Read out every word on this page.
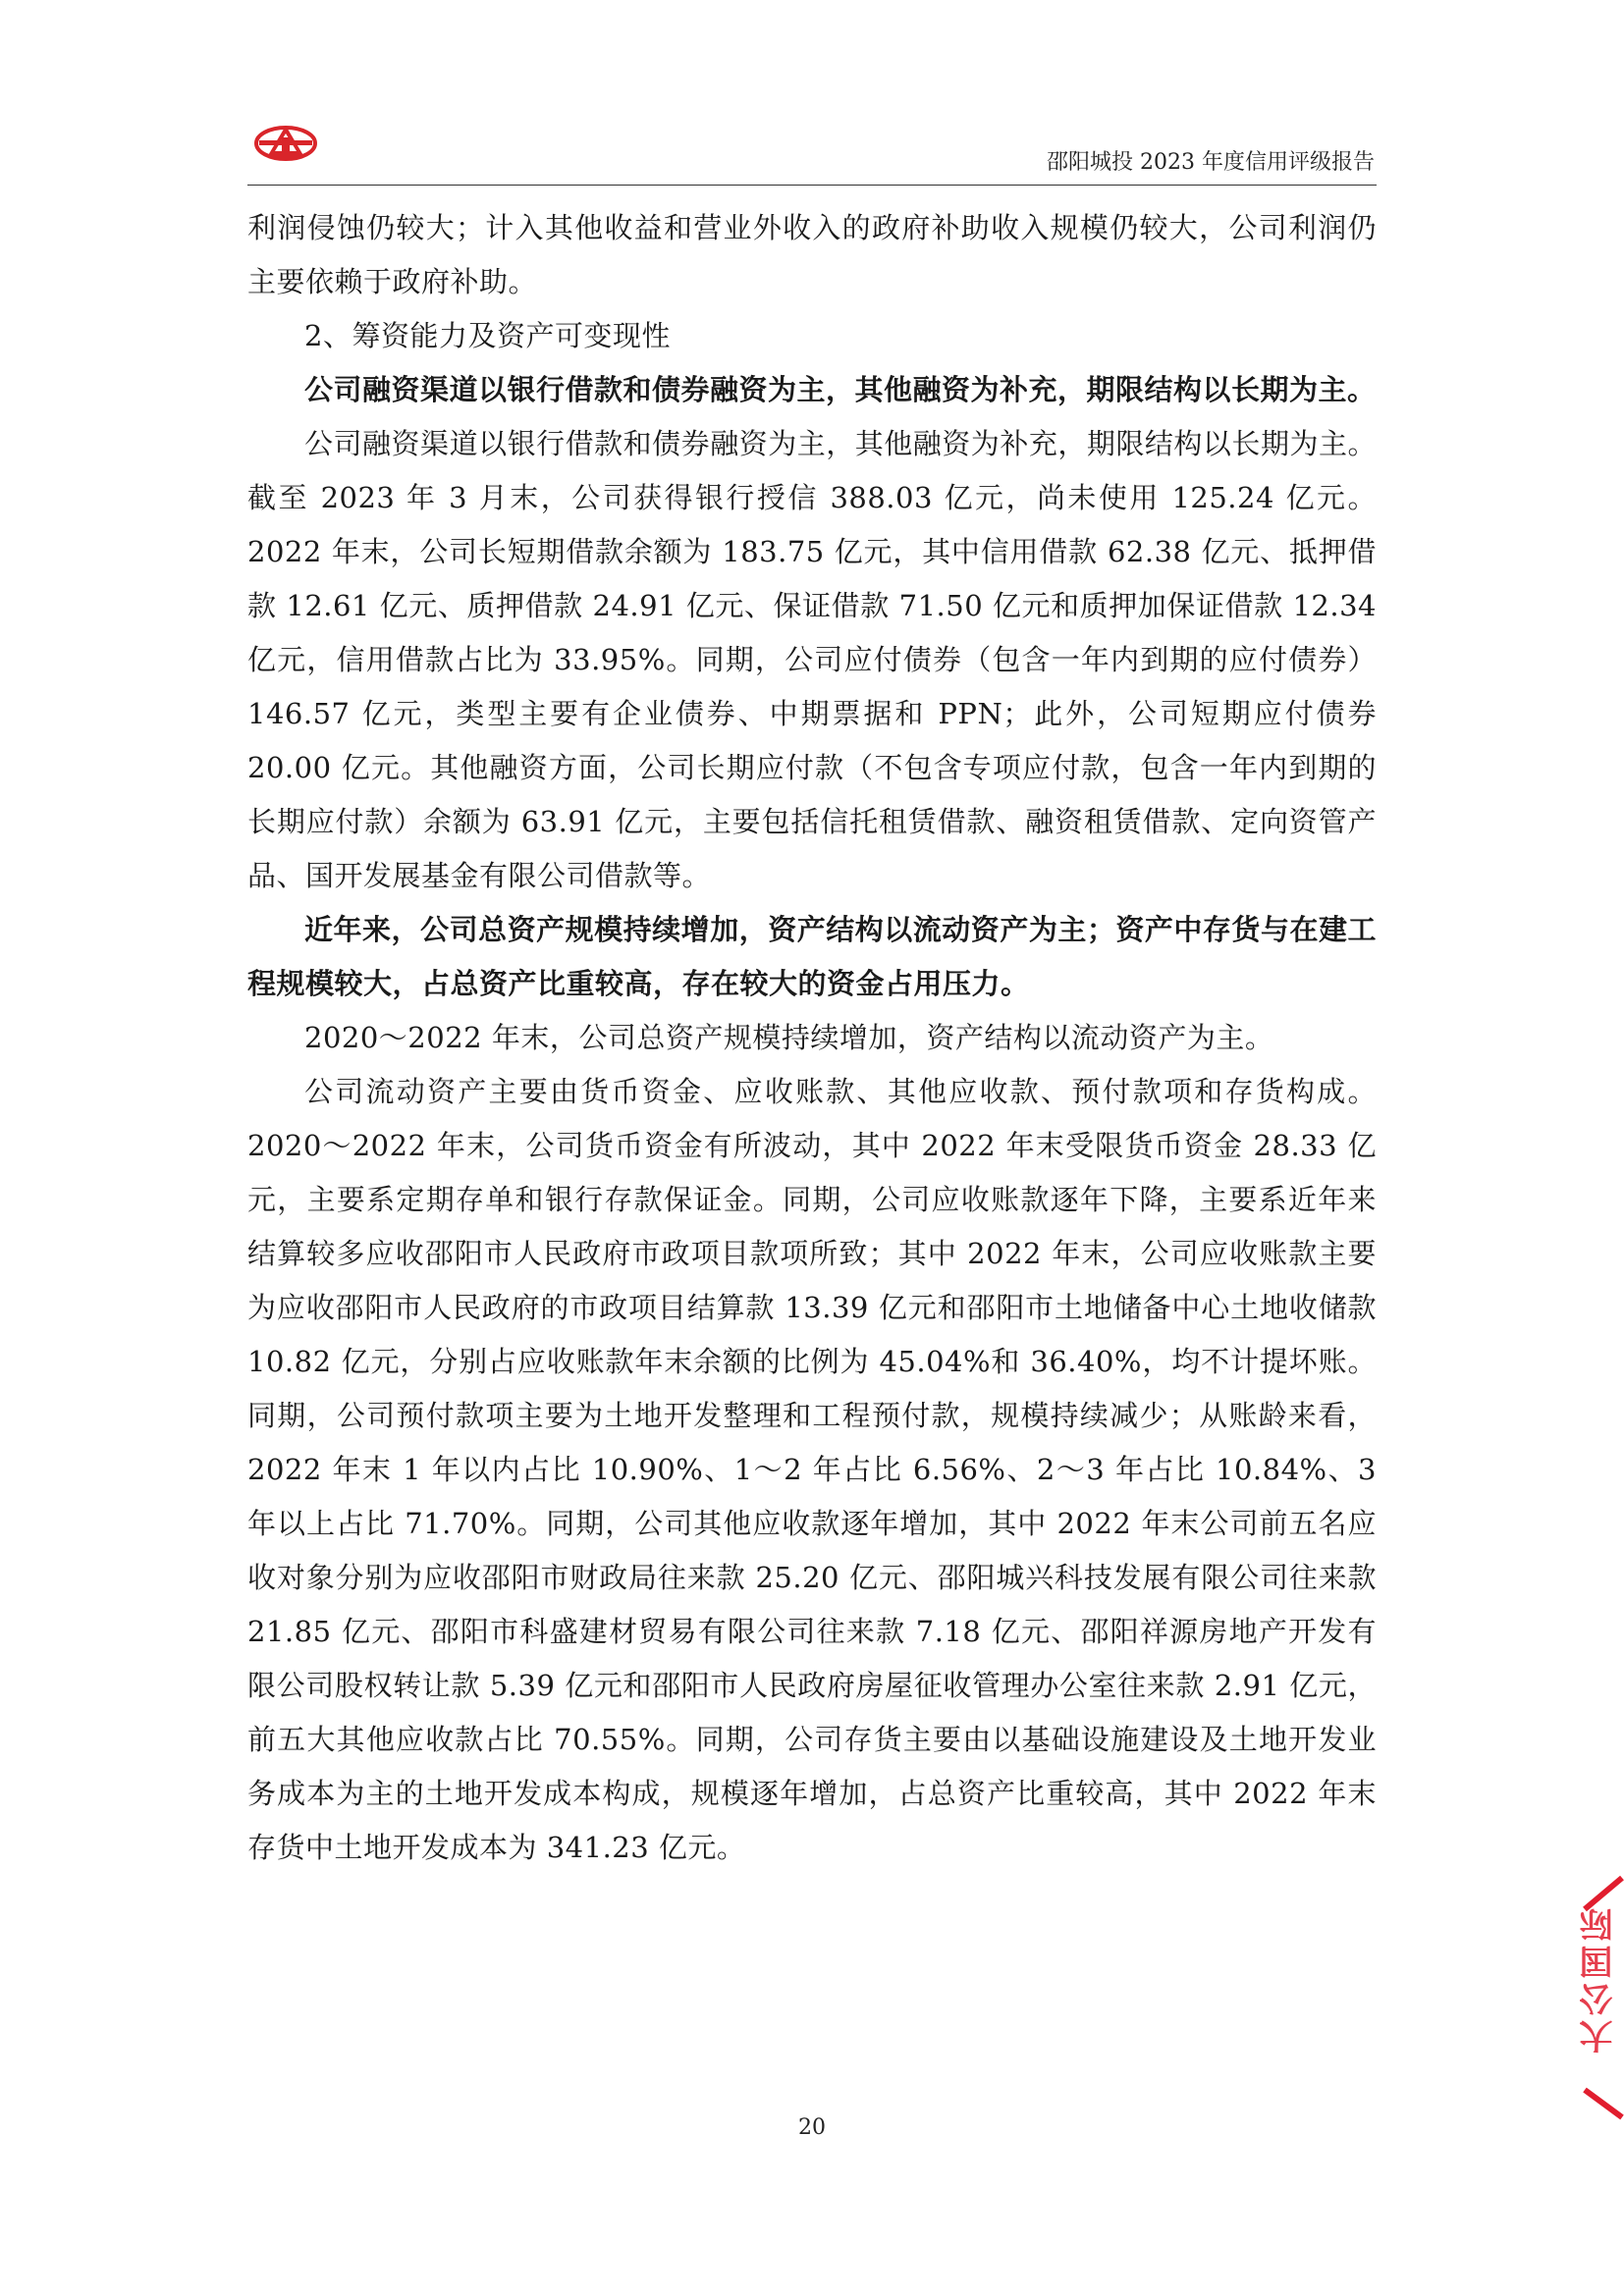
邵阳城投 2023 年度信用评级报告

利润侵蚀仍较大；计入其他收益和营业外收入的政府补助收入规模仍较大，公司利润仍主要依赖于政府补助。

2、筹资能力及资产可变现性

公司融资渠道以银行借款和债券融资为主，其他融资为补充，期限结构以长期为主。

公司融资渠道以银行借款和债券融资为主，其他融资为补充，期限结构以长期为主。截至 2023 年 3 月末，公司获得银行授信 388.03 亿元，尚未使用 125.24 亿元。2022 年末，公司长短期借款余额为 183.75 亿元，其中信用借款 62.38 亿元、抵押借款 12.61 亿元、质押借款 24.91 亿元、保证借款 71.50 亿元和质押加保证借款 12.34 亿元，信用借款占比为 33.95%。同期，公司应付债券（包含一年内到期的应付债券）146.57 亿元，类型主要有企业债券、中期票据和 PPN；此外，公司短期应付债券 20.00 亿元。其他融资方面，公司长期应付款（不包含专项应付款，包含一年内到期的长期应付款）余额为 63.91 亿元，主要包括信托租赁借款、融资租赁借款、定向资管产品、国开发展基金有限公司借款等。

近年来，公司总资产规模持续增加，资产结构以流动资产为主；资产中存货与在建工程规模较大，占总资产比重较高，存在较大的资金占用压力。

2020～2022 年末，公司总资产规模持续增加，资产结构以流动资产为主。

公司流动资产主要由货币资金、应收账款、其他应收款、预付款项和存货构成。2020～2022 年末，公司货币资金有所波动，其中 2022 年末受限货币资金 28.33 亿元，主要系定期存单和银行存款保证金。同期，公司应收账款逐年下降，主要系近年来结算较多应收邵阳市人民政府市政项目款项所致；其中 2022 年末，公司应收账款主要为应收邵阳市人民政府的市政项目结算款 13.39 亿元和邵阳市土地储备中心土地收储款 10.82 亿元，分别占应收账款年末余额的比例为 45.04%和 36.40%，均不计提坏账。同期，公司预付款项主要为土地开发整理和工程预付款，规模持续减少；从账龄来看，2022 年末 1 年以内占比 10.90%、1～2 年占比 6.56%、2～3 年占比 10.84%、3 年以上占比 71.70%。同期，公司其他应收款逐年增加，其中 2022 年末公司前五名应收对象分别为应收邵阳市财政局往来款 25.20 亿元、邵阳城兴科技发展有限公司往来款 21.85 亿元、邵阳市科盛建材贸易有限公司往来款 7.18 亿元、邵阳祥源房地产开发有限公司股权转让款 5.39 亿元和邵阳市人民政府房屋征收管理办公室往来款 2.91 亿元，前五大其他应收款占比 70.55%。同期，公司存货主要由以基础设施建设及土地开发业务成本为主的土地开发成本构成，规模逐年增加，占总资产比重较高，其中 2022 年末存货中土地开发成本为 341.23 亿元。

大公国际
20
